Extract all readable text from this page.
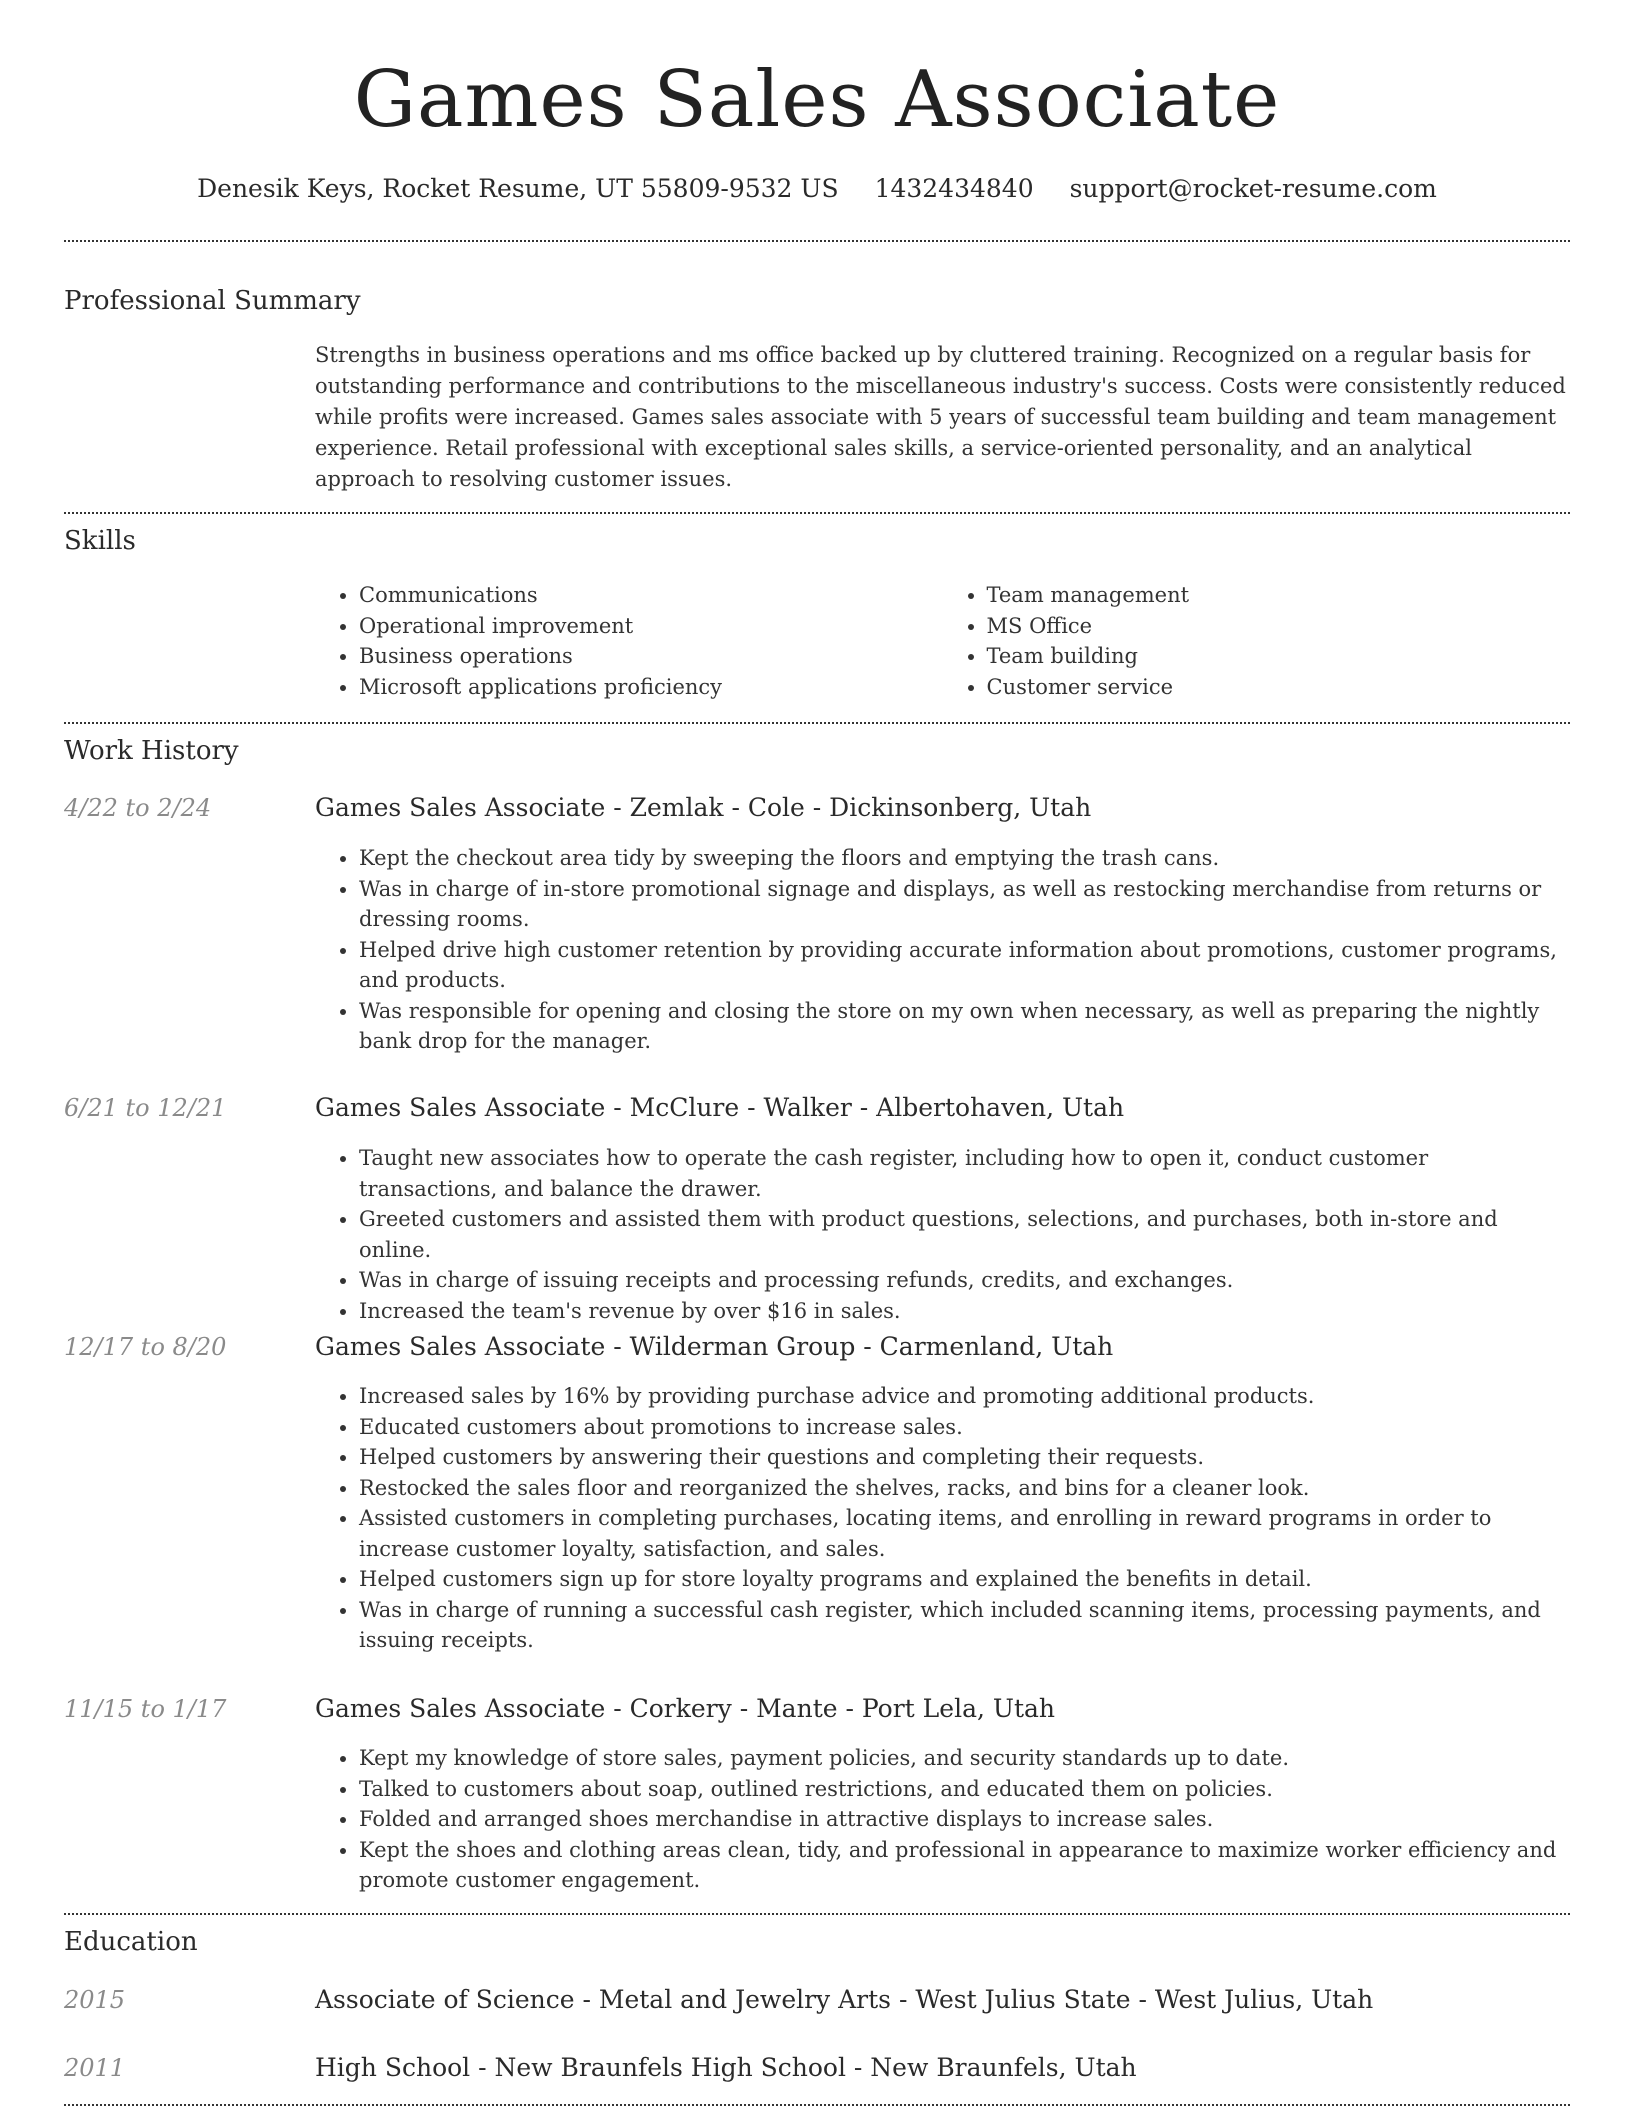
Games Sales Associate
Denesik Keys, Rocket Resume, UT 55809-9532 US 1432434840 support@rocket-resume.com
Professional Summary
Strengths in business operations and ms office backed up by cluttered training. Recognized on a regular basis for outstanding performance and contributions to the miscellaneous industry's success. Costs were consistently reduced while profits were increased. Games sales associate with 5 years of successful team building and team management experience. Retail professional with exceptional sales skills, a service-oriented personality, and an analytical approach to resolving customer issues.
Skills
• Communications
• Operational improvement
• Business operations
• Microsoft applications proficiency
• Team management
• MS Office
• Team building
• Customer service
Work History
4/22 to 2/24	Games Sales Associate - Zemlak - Cole - Dickinsonberg, Utah
• Kept the checkout area tidy by sweeping the floors and emptying the trash cans.
• Was in charge of in-store promotional signage and displays, as well as restocking merchandise from returns or dressing rooms.
• Helped drive high customer retention by providing accurate information about promotions, customer programs, and products.
• Was responsible for opening and closing the store on my own when necessary, as well as preparing the nightly bank drop for the manager.
6/21 to 12/21	Games Sales Associate - McClure - Walker - Albertohaven, Utah
• Taught new associates how to operate the cash register, including how to open it, conduct customer transactions, and balance the drawer.
• Greeted customers and assisted them with product questions, selections, and purchases, both in-store and online.
• Was in charge of issuing receipts and processing refunds, credits, and exchanges.
• Increased the team's revenue by over $16 in sales.
12/17 to 8/20	Games Sales Associate - Wilderman Group - Carmenland, Utah
• Increased sales by 16% by providing purchase advice and promoting additional products.
• Educated customers about promotions to increase sales.
• Helped customers by answering their questions and completing their requests.
• Restocked the sales floor and reorganized the shelves, racks, and bins for a cleaner look.
• Assisted customers in completing purchases, locating items, and enrolling in reward programs in order to increase customer loyalty, satisfaction, and sales.
• Helped customers sign up for store loyalty programs and explained the benefits in detail.
• Was in charge of running a successful cash register, which included scanning items, processing payments, and issuing receipts.
11/15 to 1/17	Games Sales Associate - Corkery - Mante - Port Lela, Utah
• Kept my knowledge of store sales, payment policies, and security standards up to date.
• Talked to customers about soap, outlined restrictions, and educated them on policies.
• Folded and arranged shoes merchandise in attractive displays to increase sales.
• Kept the shoes and clothing areas clean, tidy, and professional in appearance to maximize worker efficiency and promote customer engagement.
Education
2015	Associate of Science - Metal and Jewelry Arts - West Julius State - West Julius, Utah
2011	High School - New Braunfels High School - New Braunfels, Utah
